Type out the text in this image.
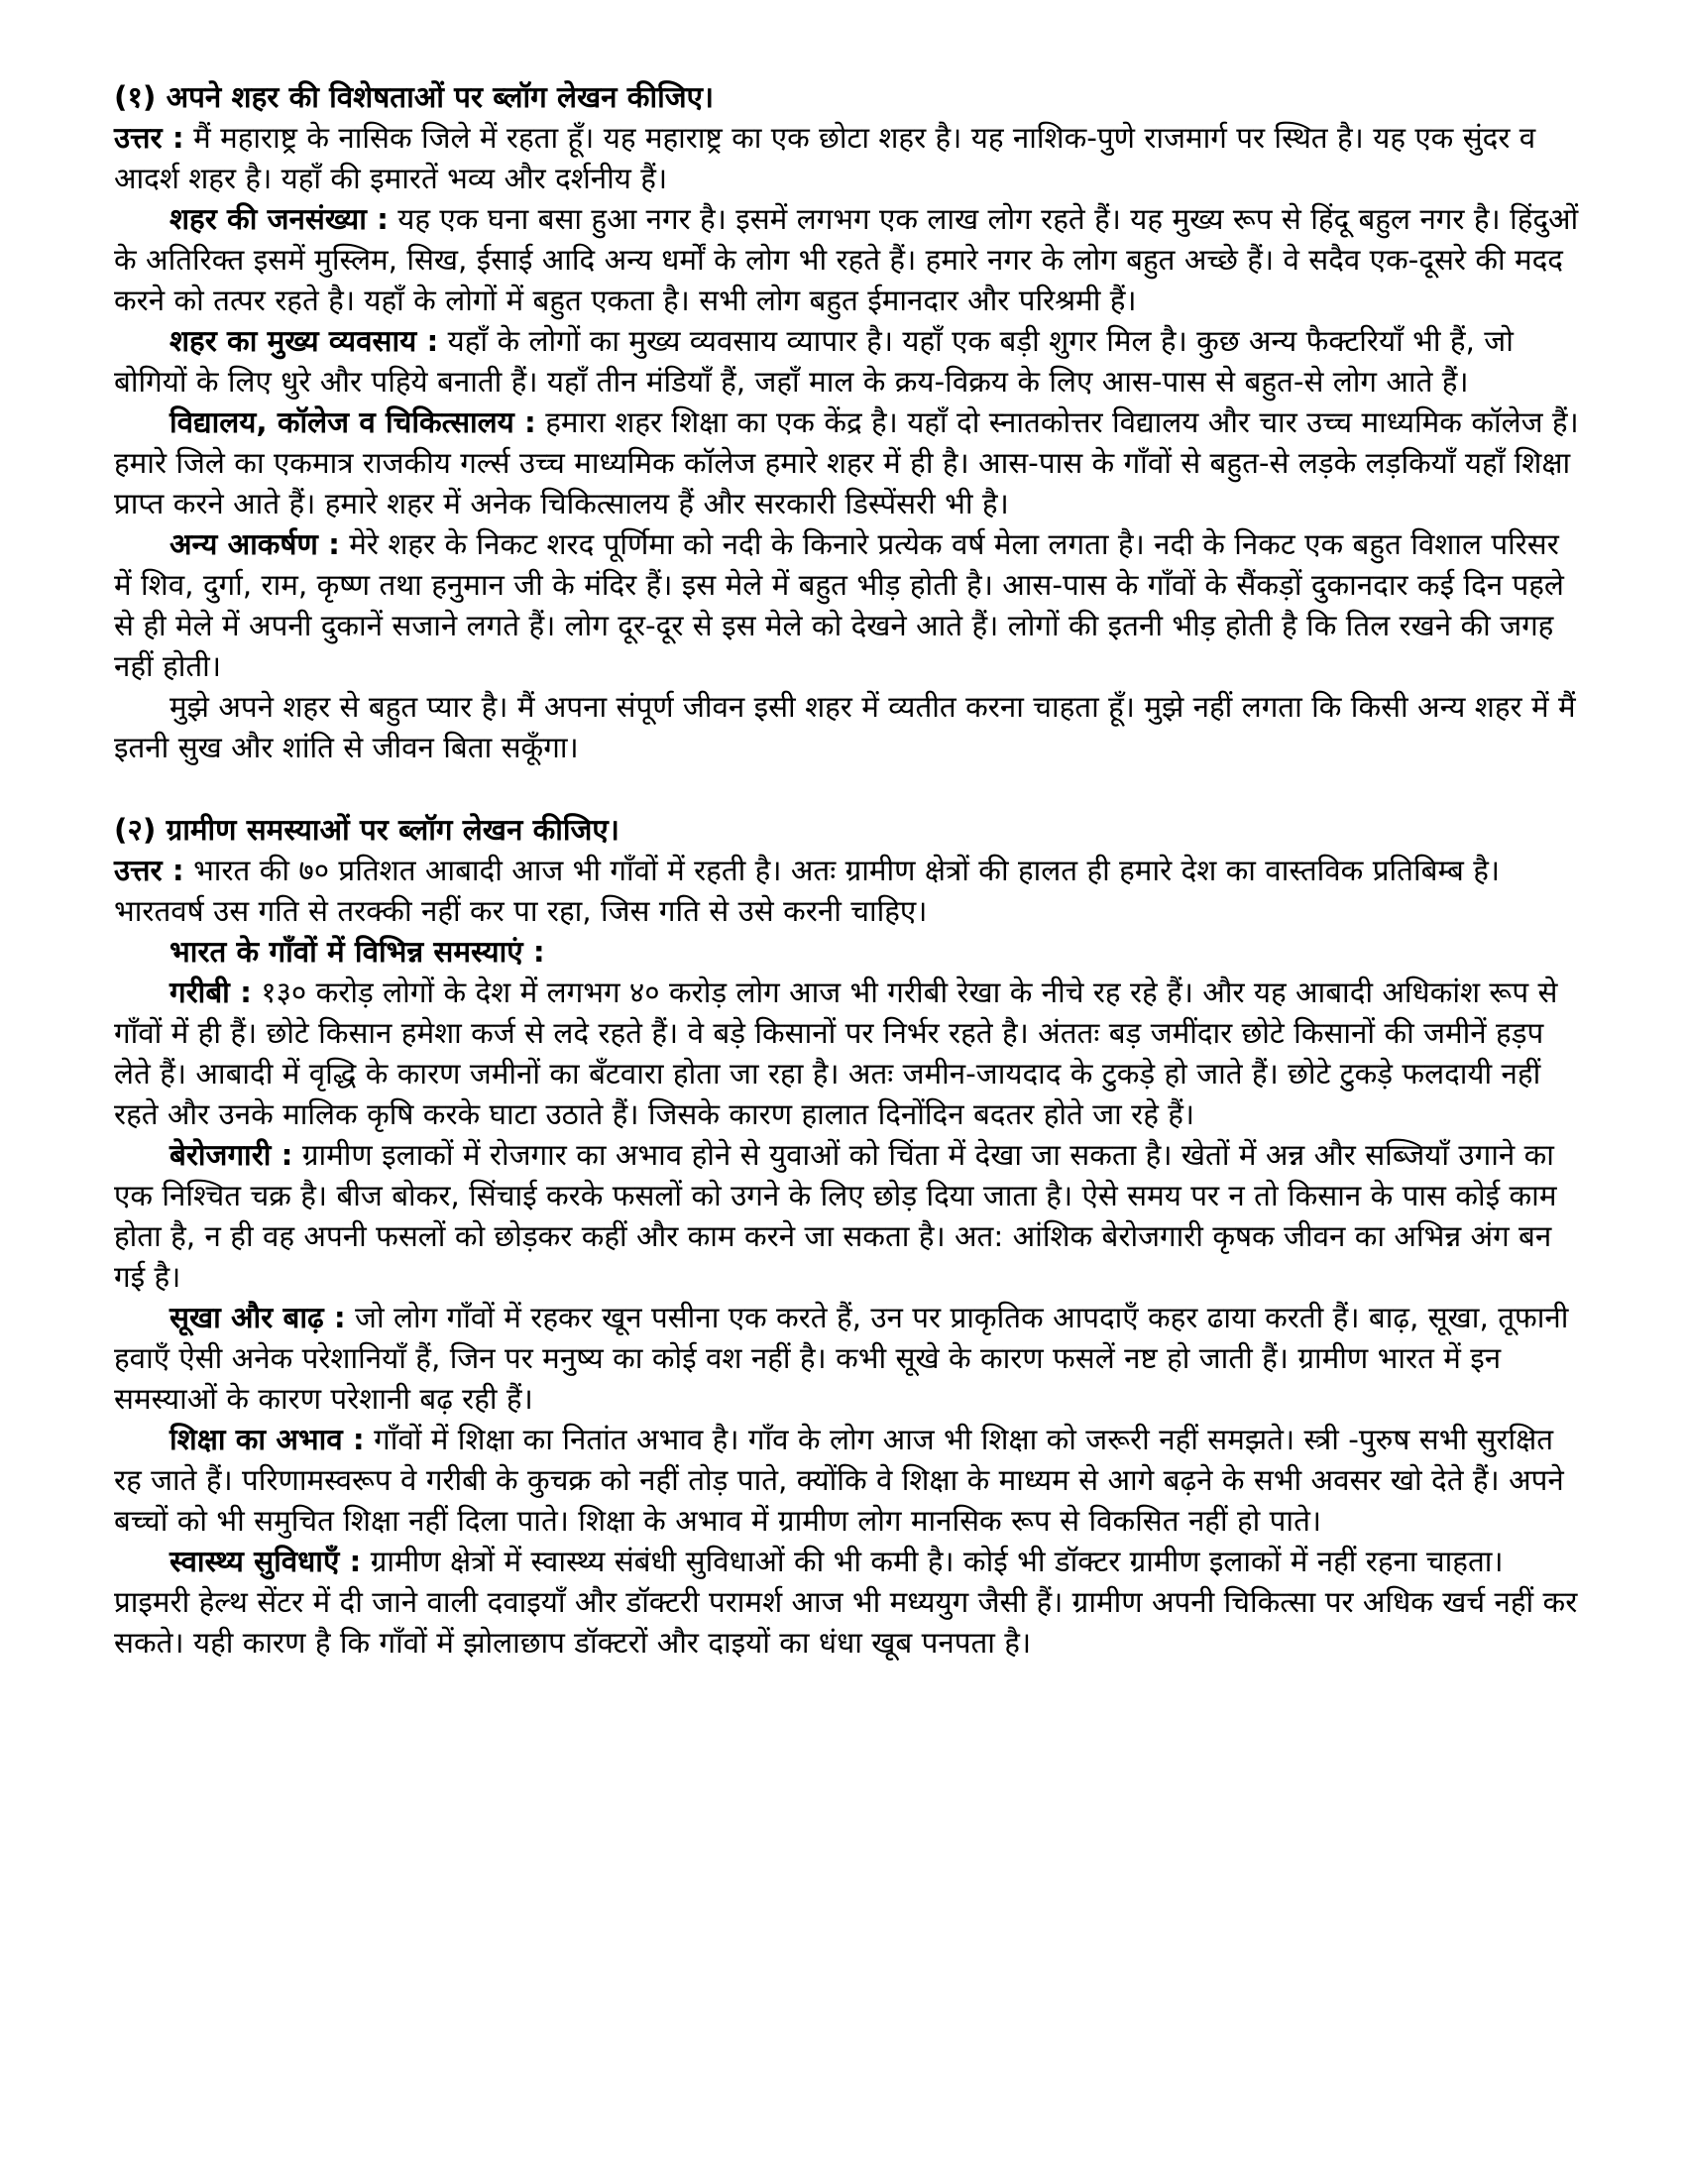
(१) अपने शहर की विशेषताओं पर ब्लॉग लेखन कीजिए।

उत्तर : मैं महाराष्ट्र के नासिक जिले में रहता हूँ। यह महाराष्ट्र का एक छोटा शहर है। यह नाशिक-पुणे राजमार्ग पर स्थित है। यह एक सुंदर व आदर्श शहर है। यहाँ की इमारतें भव्य और दर्शनीय हैं।

शहर की जनसंख्या : यह एक घना बसा हुआ नगर है। इसमें लगभग एक लाख लोग रहते हैं। यह मुख्य रूप से हिंदू बहुल नगर है। हिंदुओं के अतिरिक्त इसमें मुस्लिम, सिख, ईसाई आदि अन्य धर्मों के लोग भी रहते हैं। हमारे नगर के लोग बहुत अच्छे हैं। वे सदैव एक-दूसरे की मदद करने को तत्पर रहते है। यहाँ के लोगों में बहुत एकता है। सभी लोग बहुत ईमानदार और परिश्रमी हैं।

शहर का मुख्य व्यवसाय : यहाँ के लोगों का मुख्य व्यवसाय व्यापार है। यहाँ एक बड़ी शुगर मिल है। कुछ अन्य फैक्टरियाँ भी हैं, जो बोगियों के लिए धुरे और पहिये बनाती हैं। यहाँ तीन मंडियाँ हैं, जहाँ माल के क्रय-विक्रय के लिए आस-पास से बहुत-से लोग आते हैं।

विद्यालय, कॉलेज व चिकित्सालय : हमारा शहर शिक्षा का एक केंद्र है। यहाँ दो स्नातकोत्तर विद्यालय और चार उच्च माध्यमिक कॉलेज हैं। हमारे जिले का एकमात्र राजकीय गर्ल्स उच्च माध्यमिक कॉलेज हमारे शहर में ही है। आस-पास के गाँवों से बहुत-से लड़के लड़कियाँ यहाँ शिक्षा प्राप्त करने आते हैं। हमारे शहर में अनेक चिकित्सालय हैं और सरकारी डिस्पेंसरी भी है।

अन्य आकर्षण : मेरे शहर के निकट शरद पूर्णिमा को नदी के किनारे प्रत्येक वर्ष मेला लगता है। नदी के निकट एक बहुत विशाल परिसर में शिव, दुर्गा, राम, कृष्ण तथा हनुमान जी के मंदिर हैं। इस मेले में बहुत भीड़ होती है। आस-पास के गाँवों के सैंकड़ों दुकानदार कई दिन पहले से ही मेले में अपनी दुकानें सजाने लगते हैं। लोग दूर-दूर से इस मेले को देखने आते हैं। लोगों की इतनी भीड़ होती है कि तिल रखने की जगह नहीं होती।

मुझे अपने शहर से बहुत प्यार है। मैं अपना संपूर्ण जीवन इसी शहर में व्यतीत करना चाहता हूँ। मुझे नहीं लगता कि किसी अन्य शहर में मैं इतनी सुख और शांति से जीवन बिता सकूँगा।

(२) ग्रामीण समस्याओं पर ब्लॉग लेखन कीजिए।

उत्तर : भारत की ७० प्रतिशत आबादी आज भी गाँवों में रहती है। अतः ग्रामीण क्षेत्रों की हालत ही हमारे देश का वास्तविक प्रतिबिम्ब है। भारतवर्ष उस गति से तरक्की नहीं कर पा रहा, जिस गति से उसे करनी चाहिए।

भारत के गाँवों में विभिन्न समस्याएं :

गरीबी : १३० करोड़ लोगों के देश में लगभग ४० करोड़ लोग आज भी गरीबी रेखा के नीचे रह रहे हैं। और यह आबादी अधिकांश रूप से गाँवों में ही हैं। छोटे किसान हमेशा कर्ज से लदे रहते हैं। वे बड़े किसानों पर निर्भर रहते है। अंततः बड़ जमींदार छोटे किसानों की जमीनें हड़प लेते हैं। आबादी में वृद्धि के कारण जमीनों का बँटवारा होता जा रहा है। अतः जमीन-जायदाद के टुकड़े हो जाते हैं। छोटे टुकड़े फलदायी नहीं रहते और उनके मालिक कृषि करके घाटा उठाते हैं। जिसके कारण हालात दिनोंदिन बदतर होते जा रहे हैं।

बेरोजगारी : ग्रामीण इलाकों में रोजगार का अभाव होने से युवाओं को चिंता में देखा जा सकता है। खेतों में अन्न और सब्जियाँ उगाने का एक निश्चित चक्र है। बीज बोकर, सिंचाई करके फसलों को उगने के लिए छोड़ दिया जाता है। ऐसे समय पर न तो किसान के पास कोई काम होता है, न ही वह अपनी फसलों को छोड़कर कहीं और काम करने जा सकता है। अत: आंशिक बेरोजगारी कृषक जीवन का अभिन्न अंग बन गई है।

सूखा और बाढ़ : जो लोग गाँवों में रहकर खून पसीना एक करते हैं, उन पर प्राकृतिक आपदाएँ कहर ढाया करती हैं। बाढ़, सूखा, तूफानी हवाएँ ऐसी अनेक परेशानियाँ हैं, जिन पर मनुष्य का कोई वश नहीं है। कभी सूखे के कारण फसलें नष्ट हो जाती हैं। ग्रामीण भारत में इन समस्याओं के कारण परेशानी बढ़ रही हैं।

शिक्षा का अभाव : गाँवों में शिक्षा का नितांत अभाव है। गाँव के लोग आज भी शिक्षा को जरूरी नहीं समझते। स्त्री -पुरुष सभी सुरक्षित रह जाते हैं। परिणामस्वरूप वे गरीबी के कुचक्र को नहीं तोड़ पाते, क्योंकि वे शिक्षा के माध्यम से आगे बढ़ने के सभी अवसर खो देते हैं। अपने बच्चों को भी समुचित शिक्षा नहीं दिला पाते। शिक्षा के अभाव में ग्रामीण लोग मानसिक रूप से विकसित नहीं हो पाते।

स्वास्थ्य सुविधाएँ : ग्रामीण क्षेत्रों में स्वास्थ्य संबंधी सुविधाओं की भी कमी है। कोई भी डॉक्टर ग्रामीण इलाकों में नहीं रहना चाहता। प्राइमरी हेल्थ सेंटर में दी जाने वाली दवाइयाँ और डॉक्टरी परामर्श आज भी मध्ययुग जैसी हैं। ग्रामीण अपनी चिकित्सा पर अधिक खर्च नहीं कर सकते। यही कारण है कि गाँवों में झोलाछाप डॉक्टरों और दाइयों का धंधा खूब पनपता है।
